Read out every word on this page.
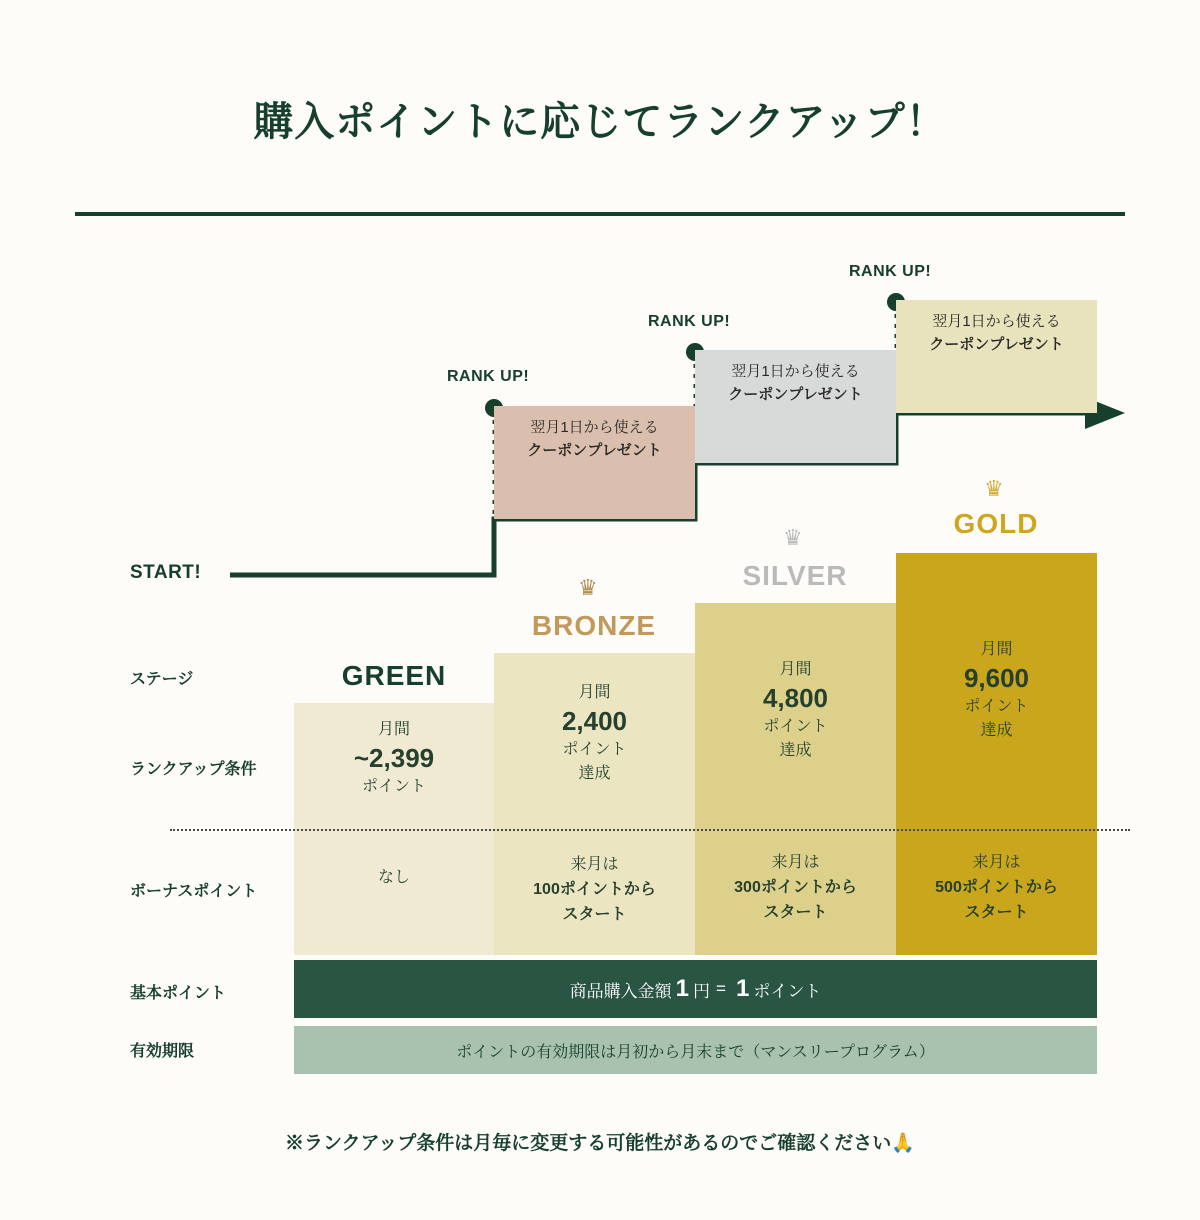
購入ポイントに応じてランクアップ！
RANK UP!
RANK UP!
RANK UP!
翌月1日から使える
クーポンプレゼント
翌月1日から使える
クーポンプレゼント
翌月1日から使える
クーポンプレゼント
START!
♛
♛
♛
GREEN
BRONZE
SILVER
GOLD
ステージ
ランクアップ条件
ボーナスポイント
基本ポイント
有効期限
月間
~2,399
ポイント
なし
月間
2,400
ポイント
達成
来月は
100ポイントから
スタート
月間
4,800
ポイント
達成
来月は
300ポイントから
スタート
月間
9,600
ポイント
達成
来月は
500ポイントから
スタート
商品購入金額 1 円 = 1 ポイント
ポイントの有効期限は月初から月末まで（マンスリープログラム）
※ランクアップ条件は月毎に変更する可能性があるのでご確認ください🙏
